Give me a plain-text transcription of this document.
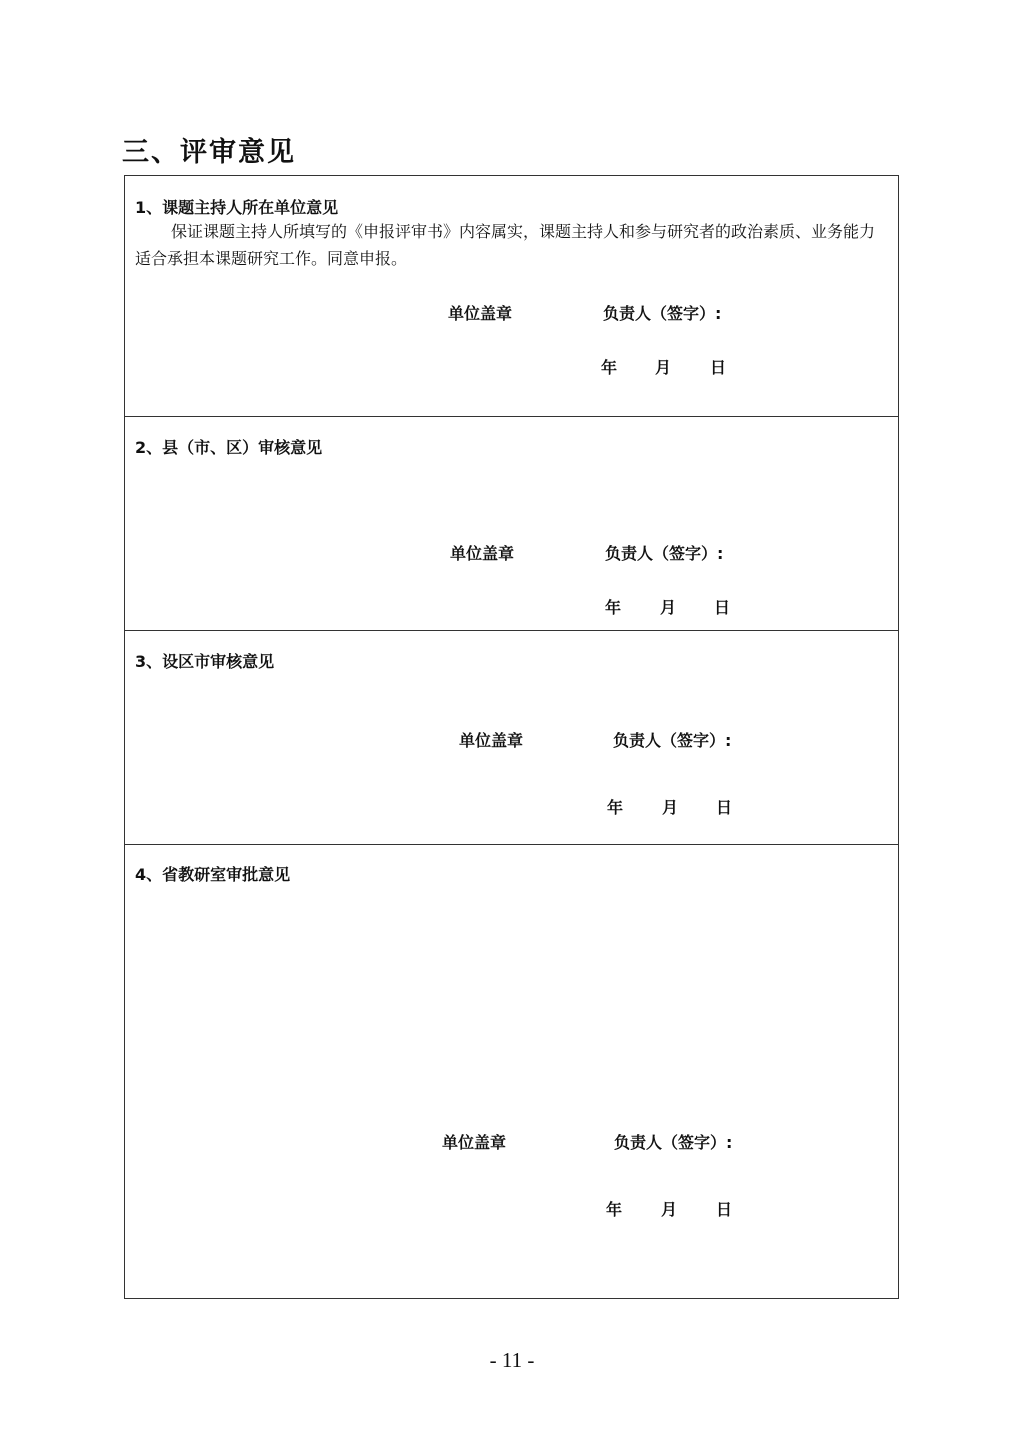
三、评审意见
1、课题主持人所在单位意见
保证课题主持人所填写的《申报评审书》内容属实，课题主持人和参与研究者的政治素质、业务能力适合承担本课题研究工作。同意申报。
单位盖章	负责人（签字）:
年 月 日
2、县（市、区）审核意见
单位盖章	负责人（签字）:
年 月 日
3、设区市审核意见
单位盖章	负责人（签字）:
年 月 日
4、省教研室审批意见
单位盖章	负责人（签字）:
年 月 日
- 11 -
